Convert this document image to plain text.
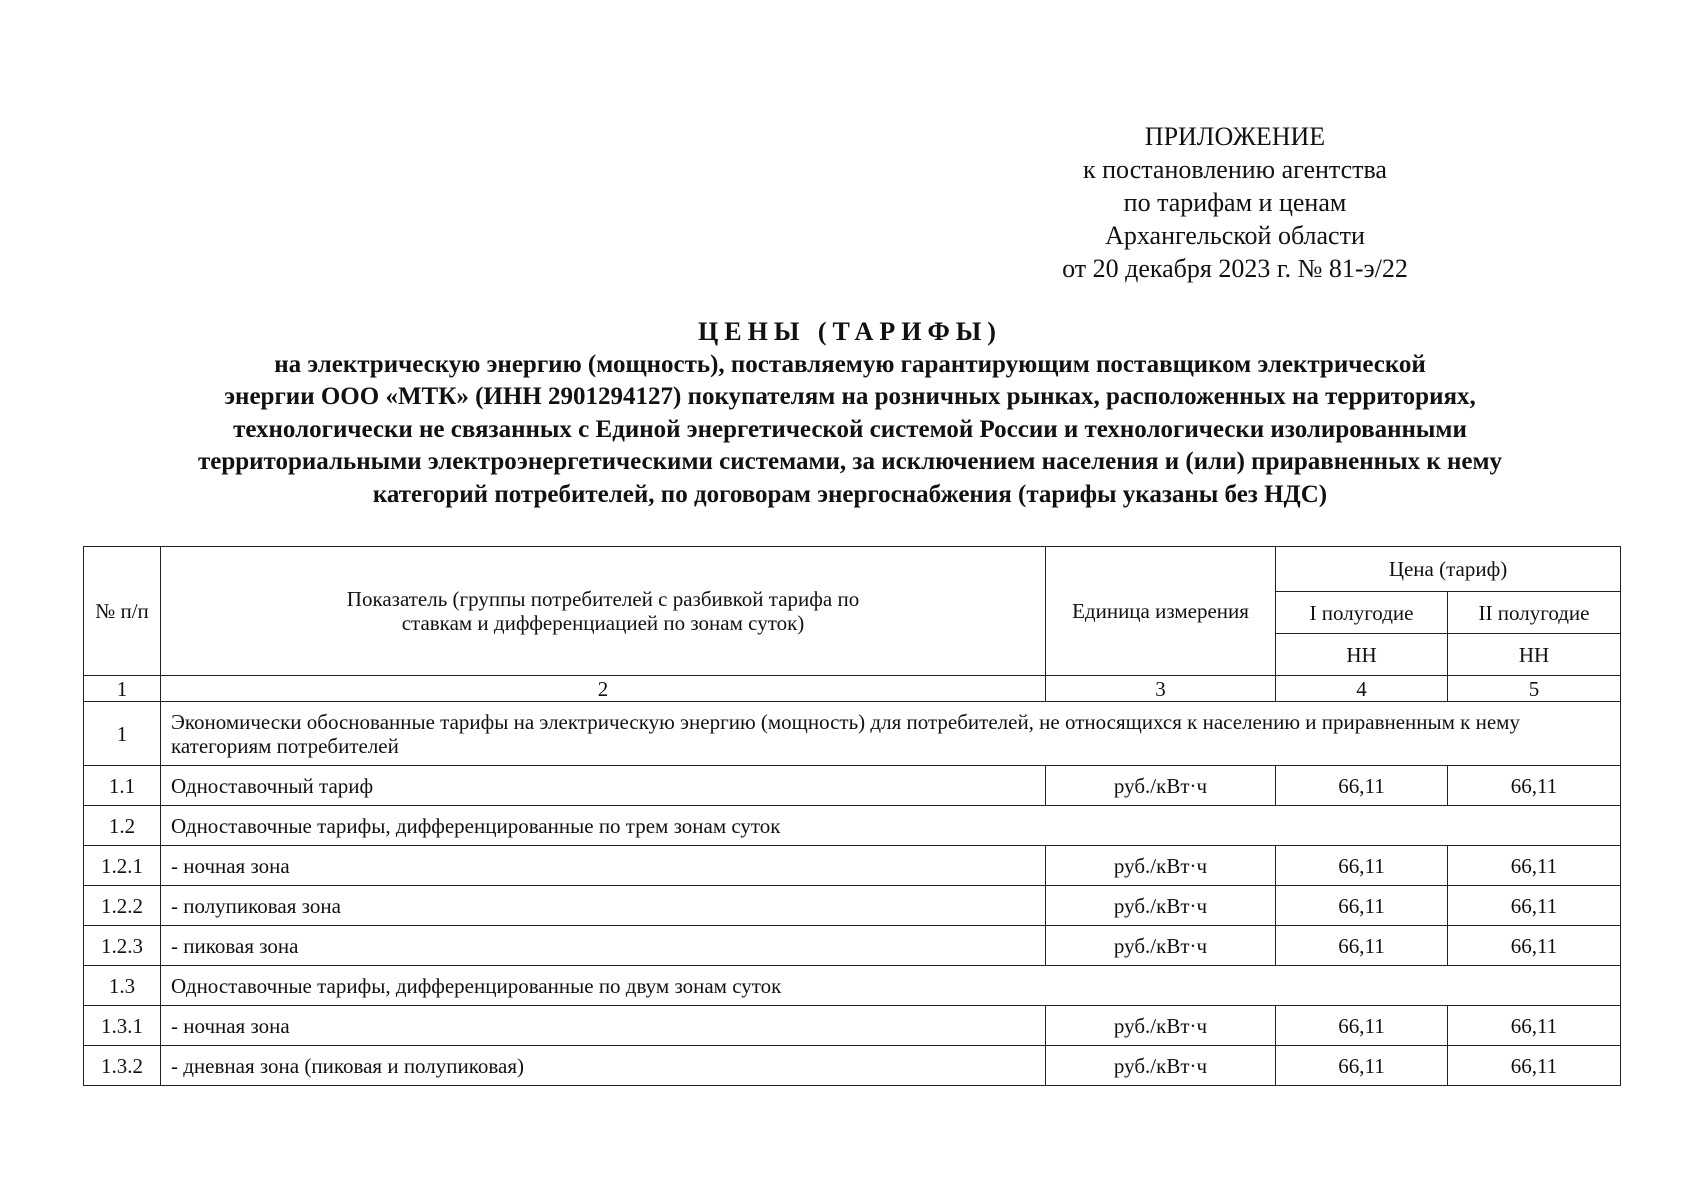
ПРИЛОЖЕНИЕ
к постановлению агентства
по тарифам и ценам
Архангельской области
от 20 декабря 2023 г. № 81-э/22
ЦЕНЫ (ТАРИФЫ)
на электрическую энергию (мощность), поставляемую гарантирующим поставщиком электрической
энергии ООО «МТК» (ИНН 2901294127) покупателям на розничных рынках, расположенных на территориях,
технологически не связанных с Единой энергетической системой России и технологически изолированными
территориальными электроэнергетическими системами, за исключением населения и (или) приравненных к нему
категорий потребителей, по договорам энергоснабжения (тарифы указаны без НДС)
№ п/п	Показатель (группы потребителей с разбивкой тарифа по ставкам и дифференциацией по зонам суток)	Единица измерения	Цена (тариф)	
			I полугодие	II полугодие
			НН	НН
1	2	3	4	5
1	Экономически обоснованные тарифы на электрическую энергию (мощность) для потребителей, не относящихся к населению и приравненным к нему категориям потребителей			
1.1	Одноставочный тариф	руб./кВт·ч	66,11	66,11
1.2	Одноставочные тарифы, дифференцированные по трем зонам суток			
1.2.1	- ночная зона	руб./кВт·ч	66,11	66,11
1.2.2	- полупиковая зона	руб./кВт·ч	66,11	66,11
1.2.3	- пиковая зона	руб./кВт·ч	66,11	66,11
1.3	Одноставочные тарифы, дифференцированные по двум зонам суток			
1.3.1	- ночная зона	руб./кВт·ч	66,11	66,11
1.3.2	- дневная зона (пиковая и полупиковая)	руб./кВт·ч	66,11	66,11
